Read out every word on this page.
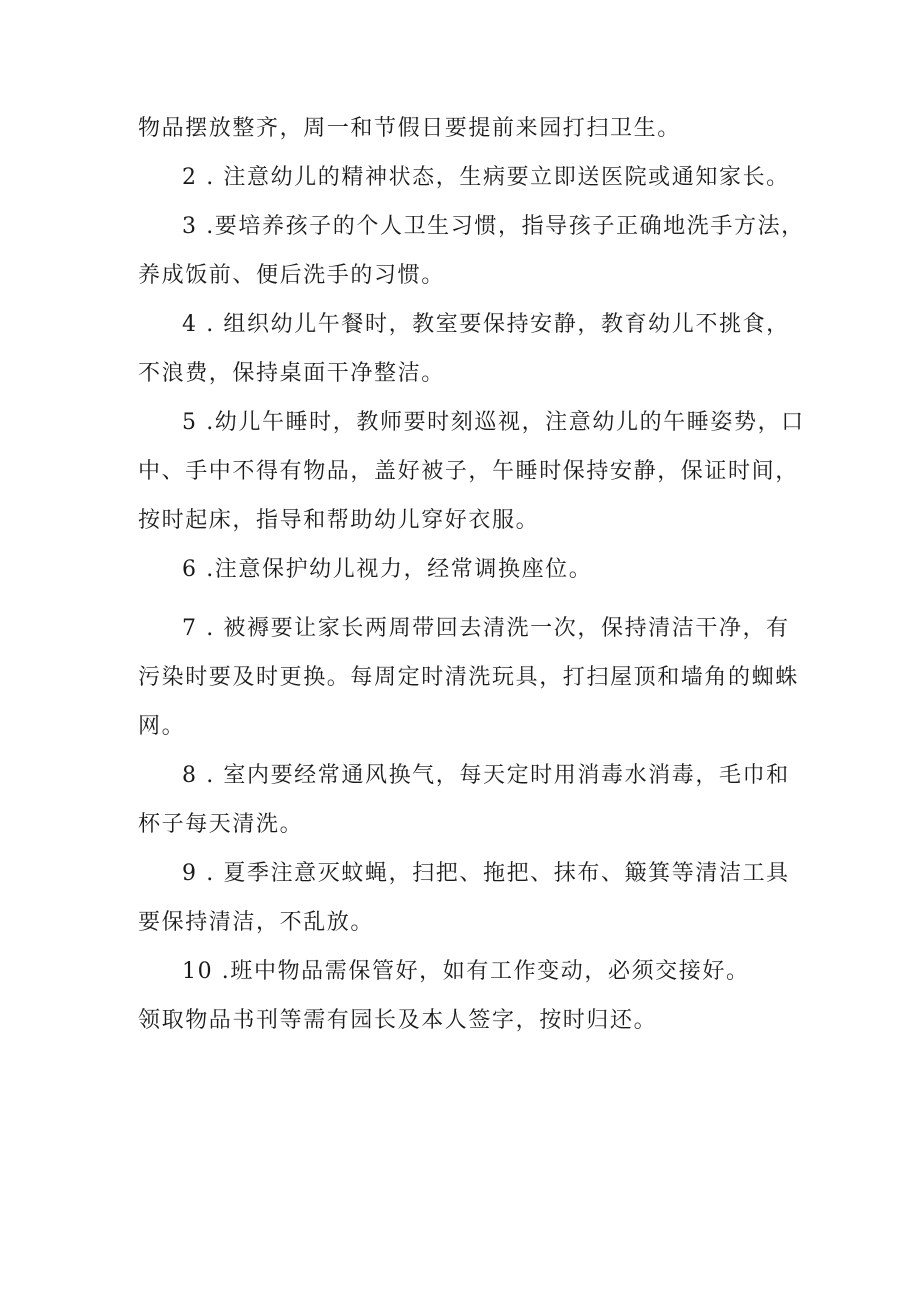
物品摆放整齐，周一和节假日要提前来园打扫卫生。

2 . 注意幼儿的精神状态，生病要立即送医院或通知家长。

3 .要培养孩子的个人卫生习惯，指导孩子正确地洗手方法，养成饭前、便后洗手的习惯。

4 . 组织幼儿午餐时，教室要保持安静，教育幼儿不挑食，不浪费，保持桌面干净整洁。

5 .幼儿午睡时，教师要时刻巡视，注意幼儿的午睡姿势，口中、手中不得有物品，盖好被子，午睡时保持安静，保证时间，按时起床，指导和帮助幼儿穿好衣服。

6 .注意保护幼儿视力，经常调换座位。

7 . 被褥要让家长两周带回去清洗一次，保持清洁干净，有污染时要及时更换。每周定时清洗玩具，打扫屋顶和墙角的蜘蛛网。

8 . 室内要经常通风换气，每天定时用消毒水消毒，毛巾和杯子每天清洗。

9 . 夏季注意灭蚊蝇，扫把、拖把、抹布、簸箕等清洁工具要保持清洁，不乱放。

10 .班中物品需保管好，如有工作变动，必须交接好。

领取物品书刊等需有园长及本人签字，按时归还。
